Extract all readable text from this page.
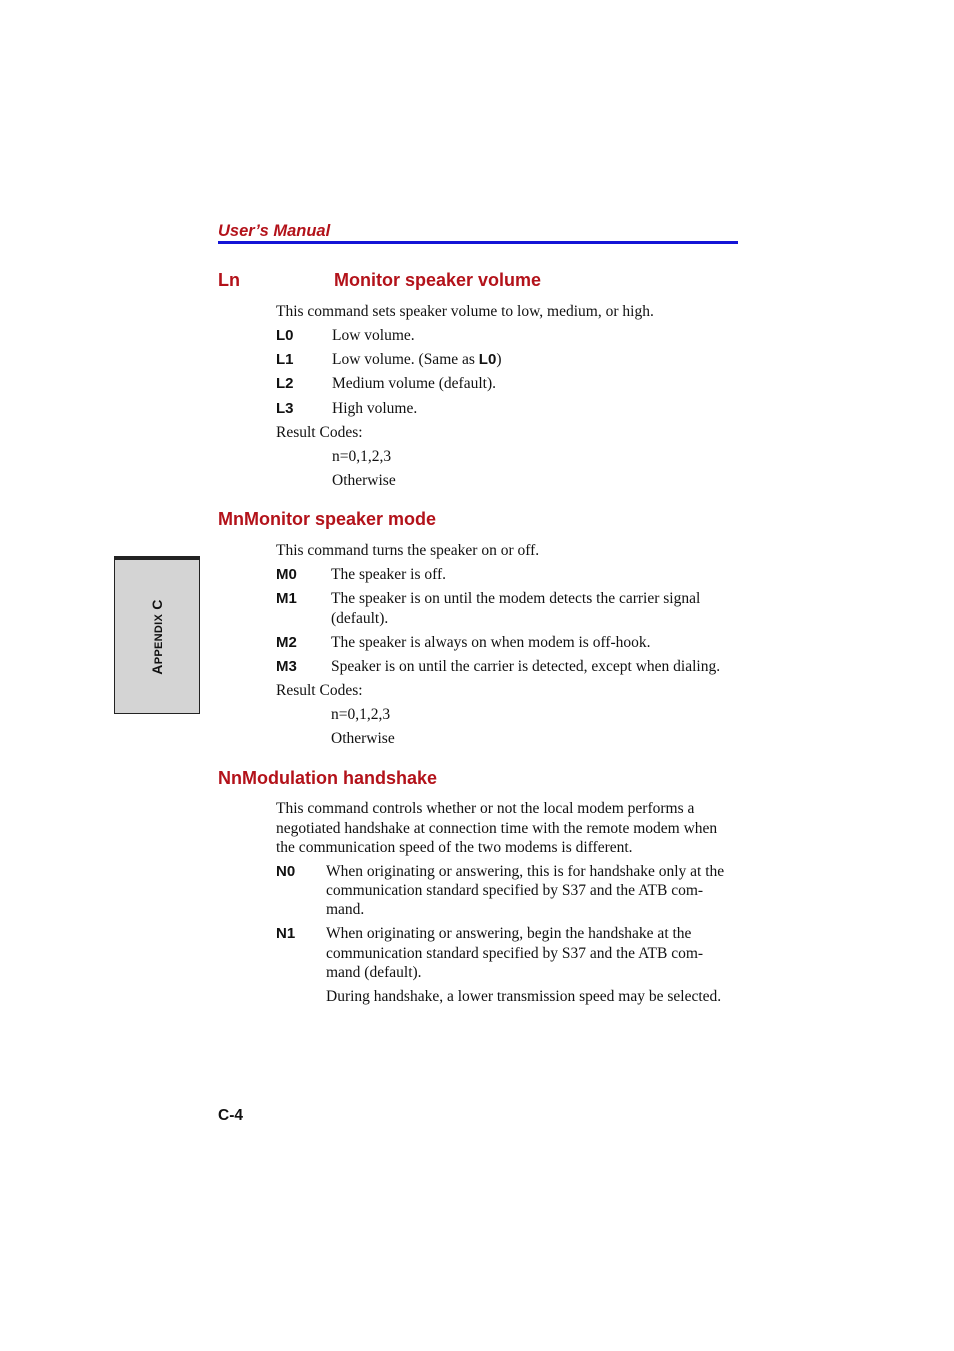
User’s Manual
Ln	Monitor speaker volume
This command sets speaker volume to low, medium, or high.
L0 Low volume.
L1 Low volume. (Same as L0)
L2 Medium volume (default).
L3 High volume.
Result Codes:
n=0,1,2,3
Otherwise
MnMonitor speaker mode
This command turns the speaker on or off.
M0 The speaker is off.
M1 The speaker is on until the modem detects the carrier signal
(default).
M2 The speaker is always on when modem is off-hook.
M3 Speaker is on until the carrier is detected, except when dialing.
Result Codes:
n=0,1,2,3
Otherwise
NnModulation handshake
This command controls whether or not the local modem performs a
negotiated handshake at connection time with the remote modem when
the communication speed of the two modems is different.
N0 When originating or answering, this is for handshake only at the
communication standard specified by S37 and the ATB com-
mand.
N1 When originating or answering, begin the handshake at the
communication standard specified by S37 and the ATB com-
mand (default).
During handshake, a lower transmission speed may be selected.
APPENDIX C
C-4
